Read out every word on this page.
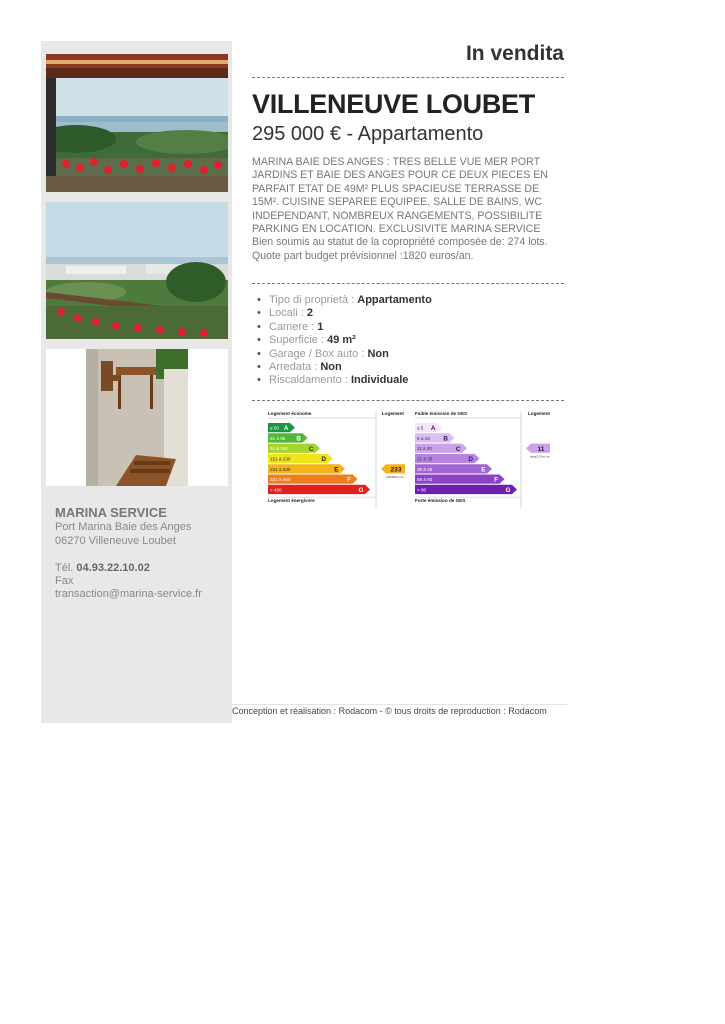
MARINA SERVICE
Port Marina Baie des Anges
06270 Villeneuve Loubet
Tél. 04.93.22.10.02
Fax
transaction@marina-service.fr
In vendita
VILLENEUVE LOUBET
295 000 € - Appartamento
MARINA BAIE DES ANGES : TRES BELLE VUE MER PORT JARDINS ET BAIE DES ANGES POUR CE DEUX PIECES EN PARFAIT ETAT DE 49M² PLUS SPACIEUSE TERRASSE DE 15M². CUISINE SEPAREE EQUIPEE, SALLE DE BAINS, WC INDEPENDANT, NOMBREUX RANGEMENTS, POSSIBILITE PARKING EN LOCATION. EXCLUSIVITE MARINA SERVICE
Bien soumis au statut de la copropriété composée de: 274 lots. Quote part budget prévisionnel :1820 euros/an.
• Tipo di proprietà : Appartamento
• Locali : 2
• Camere : 1
• Superficie : 49 m²
• Garage / Box auto : Non
• Arredata : Non
• Riscaldamento : Individuale
Logement économe	Logement
≤ 50 A
51 à 90 B
91 à 150	C
151 à 230	D
231 à 330	E
331 à 450	F
> 450	G
233
kWhEP/m².an
Logement énergivore
Faible émission de GES	Logement
≤ 5 A
6 à 10 B
11 à 20	C
21 à 35	D
36 à 55	E
56 à 80	F
> 80	G
11
kgéqCO2/m².an
Forte émission de GES
Conception et réalisation : Rodacom - © tous droits de reproduction : Rodacom
